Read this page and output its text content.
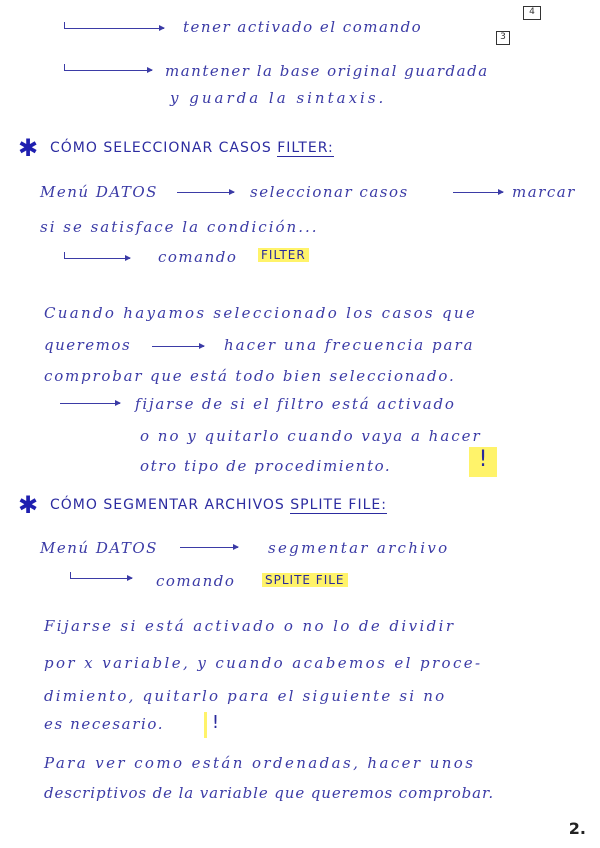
tener activado el comando
4
3
mantener la base original guardada
y guarda la sintaxis.
✱ CÓMO SELECCIONAR CASOS FILTER:
Menú DATOS	seleccionar casos	marcar
si se satisface la condición...
comando FILTER
Cuando hayamos seleccionado los casos que
queremos	hacer una frecuencia para
comprobar que está todo bien seleccionado.
fijarse de si el filtro está activado
o no y quitarlo cuando vaya a hacer
otro tipo de procedimiento.	!
✱ CÓMO SEGMENTAR ARCHIVOS SPLITE FILE:
Menú DATOS	segmentar archivo
comando SPLITE FILE
Fijarse si está activado o no lo de dividir
por x variable, y cuando acabemos el proce-
dimiento, quitarlo para el siguiente si no
es necesario.	!
Para ver como están ordenadas, hacer unos
descriptivos de la variable que queremos comprobar.
2.
